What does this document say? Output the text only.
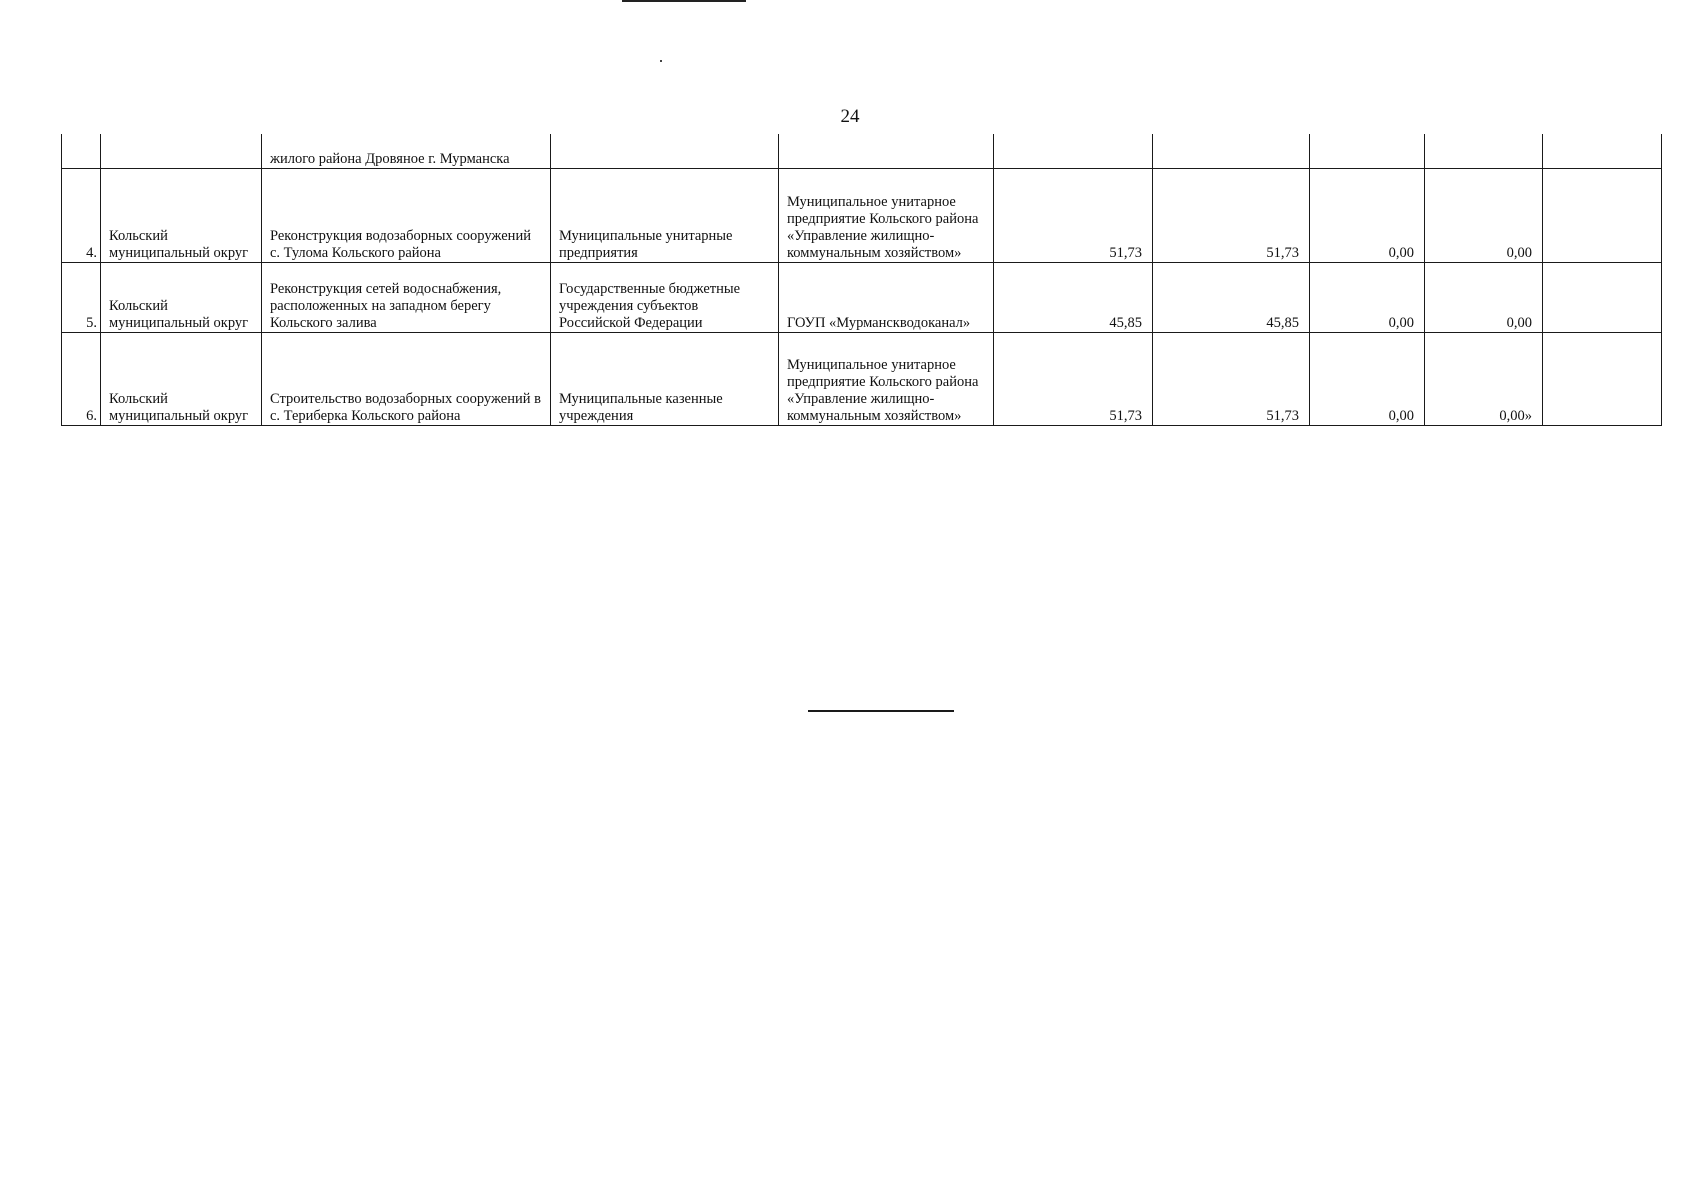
24
		жилого района Дровяное г. Мурманска							
4.	Кольский муниципальный округ	Реконструкция водозаборных сооружений с. Тулома Кольского района	Муниципальные унитарные предприятия	Муниципальное унитарное предприятие Кольского района «Управление жилищно-коммунальным хозяйством»	51,73	51,73	0,00	0,00	
5.	Кольский муниципальный округ	Реконструкция сетей водоснабжения, расположенных на западном берегу Кольского залива	Государственные бюджетные учреждения субъектов Российской Федерации	ГОУП «Мурманскводоканал»	45,85	45,85	0,00	0,00	
6.	Кольский муниципальный округ	Строительство водозаборных сооружений в с. Териберка Кольского района	Муниципальные казенные учреждения	Муниципальное унитарное предприятие Кольского района «Управление жилищно-коммунальным хозяйством»	51,73	51,73	0,00	0,00»	
